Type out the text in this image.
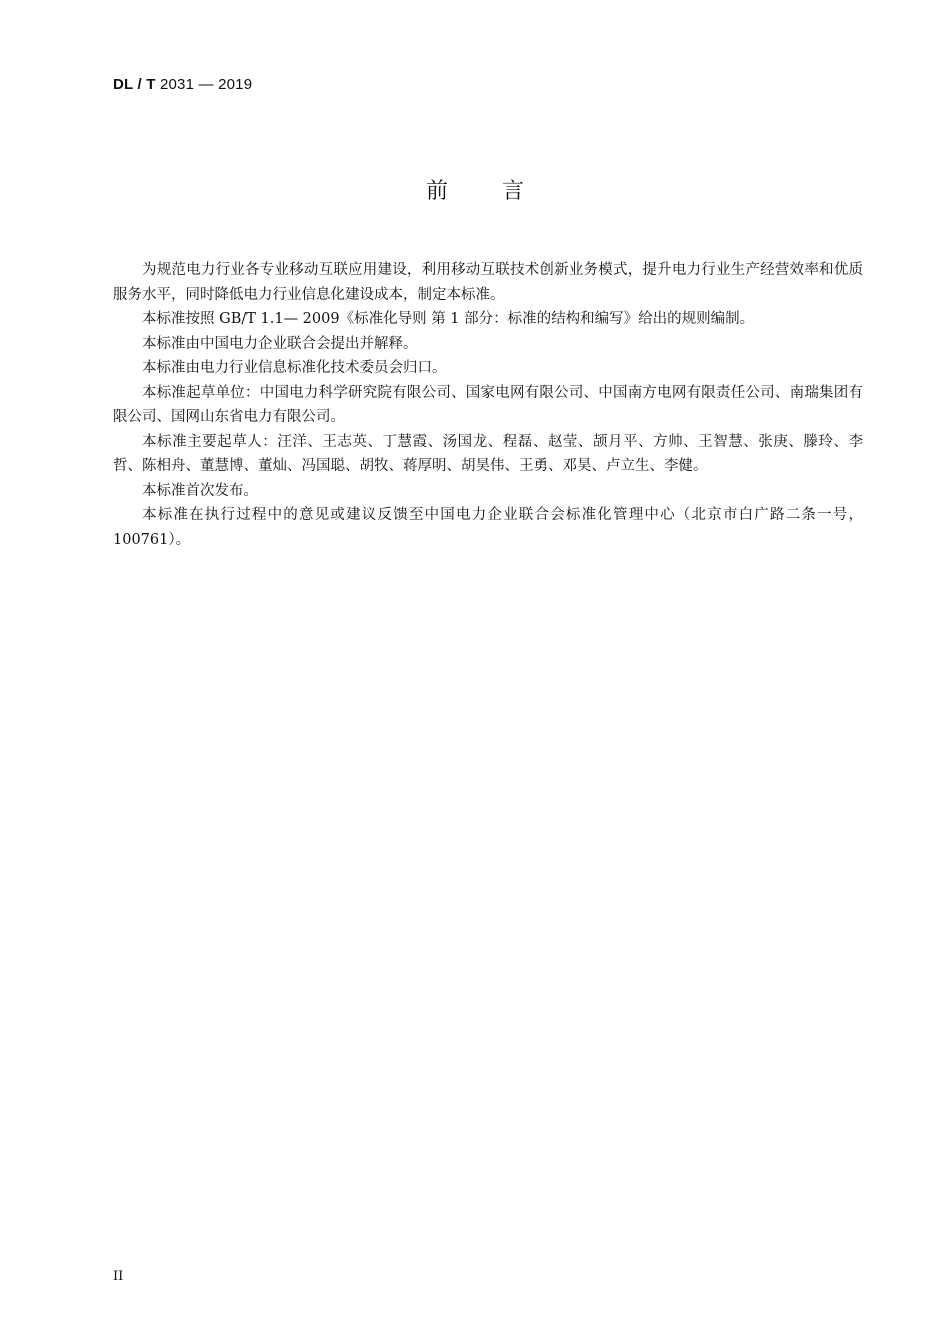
DL / T 2031 — 2019
前言

为规范电力行业各专业移动互联应用建设，利用移动互联技术创新业务模式，提升电力行业生产经营效率和优质服务水平，同时降低电力行业信息化建设成本，制定本标准。

本标准按照 GB/T 1.1— 2009《标准化导则 第 1 部分：标准的结构和编写》给出的规则编制。

本标准由中国电力企业联合会提出并解释。

本标准由电力行业信息标准化技术委员会归口。

本标准起草单位：中国电力科学研究院有限公司、国家电网有限公司、中国南方电网有限责任公司、南瑞集团有限公司、国网山东省电力有限公司。

本标准主要起草人：汪洋、王志英、丁慧霞、汤国龙、程磊、赵莹、颉月平、方帅、王智慧、张庚、滕玲、李哲、陈相舟、董慧博、董灿、冯国聪、胡牧、蒋厚明、胡昊伟、王勇、邓昊、卢立生、李健。

本标准首次发布。

本标准在执行过程中的意见或建议反馈至中国电力企业联合会标准化管理中心（北京市白广路二条一号，100761）。

II
